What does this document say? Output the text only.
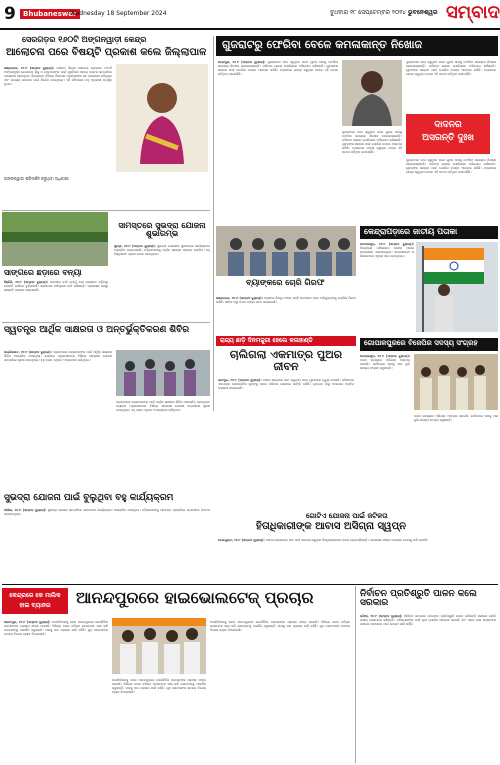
9	Bhubaneswar
Wednesday 18 September 2024	ବୁଧବାର ୧୮ ସେପ୍ଟେମ୍ବର ୨୦୨୪ ଭୁବନେଶ୍ୱର ସମ୍ବାଦ
ସେରଗଡ଼ର ୧୬୦ଟି ଅଙ୍ଗନୱାଡ଼ୀ କେନ୍ଦ୍ର
ଆଲୋଚନା ପରେ ବିଷୟ୍ଟି ପ୍ରକାଶ କଲେ ଜିଲ୍ଲାପାଳ
ଭଞ୍ଜନଗର, ୧୭।୯ (ସମ୍ବାଦ ବ୍ୟୁରୋ): ଗଞ୍ଜାମ ଜିଲ୍ଲା ସେରଗଡ଼ ବ୍ଲକରେ ୧୬୦ଟି ଅଙ୍ଗନୱାଡ଼ୀ କେନ୍ଦ୍ରରେ ଶିଶୁ ଓ ମାତୃମାନଙ୍କ ପାଇଁ ପୁଷ୍ଟିକର ଖାଦ୍ୟ ବଣ୍ଟନ ସମ୍ପର୍କରେ ଆଲୋଚନା ହୋଇଥିଲା। ଜିଲ୍ଲାପାଳ ବିଭିନ୍ନ ବିଭାଗର ଅଧିକାରୀଙ୍କ ସହ ଆଲୋଚନା କରିଥିଲେ ଏବଂ ସମସ୍ୟା ସମାଧାନ ପାଇଁ ନିର୍ଦ୍ଦେଶ ଦେଇଥିଲେ। ଏହି ବୈଠକରେ ବହୁ ଅଧିକାରୀ ଉପସ୍ଥିତ ଥିଲେ।
ଅଙ୍ଗନୱାଡ଼ୀ ପରିଦର୍ଶନ କରୁଥିବା ଅଧିକାରୀ
ଗୁଜରାଟରୁ ଫେରିବା ବେଳେ କମଳାକାନ୍ତ ନିଖୋଜ
ଛତ୍ରପୁର, ୧୭।୯ (ସମ୍ବାଦ ବ୍ୟୁରୋ): ଗୁଜରାଟରେ କାମ କରୁଥିବା ଜଣେ ଯୁବକ ଘରକୁ ଫେରିବା ସମୟରେ ନିଖୋଜ ହୋଇଯାଇଛନ୍ତି। ପରିବାର ଲୋକେ ପୋଲିସରେ ଅଭିଯୋଗ କରିଛନ୍ତି। ଯୁବକଙ୍କ ସନ୍ଧାନ ପାଇଁ ପୋଲିସ ତଦନ୍ତ ଆରମ୍ଭ କରିଛି। ଟ୍ରେନରେ ଯାତ୍ରା କରୁଥିବା ବେଳେ ଏହି ଘଟଣା ଘଟିଥିବା ଜଣାପଡ଼ିଛି।
ଦାଦନର
ଅସରନ୍ତି ଦୁଃଖ
ଗୁଜରାଟରେ କାମ କରୁଥିବା ଜଣେ ଯୁବକ ଘରକୁ ଫେରିବା ସମୟରେ ନିଖୋଜ ହୋଇଯାଇଛନ୍ତି। ପରିବାର ଲୋକେ ପୋଲିସରେ ଅଭିଯୋଗ କରିଛନ୍ତି। ଯୁବକଙ୍କ ସନ୍ଧାନ ପାଇଁ ପୋଲିସ ତଦନ୍ତ ଆରମ୍ଭ କରିଛି। ଟ୍ରେନରେ ଯାତ୍ରା କରୁଥିବା ବେଳେ ଏହି ଘଟଣା ଘଟିଥିବା ଜଣାପଡ଼ିଛି।
ଗୁଜରାଟରେ କାମ କରୁଥିବା ଜଣେ ଯୁବକ ଘରକୁ ଫେରିବା ସମୟରେ ନିଖୋଜ ହୋଇଯାଇଛନ୍ତି। ପରିବାର ଲୋକେ ପୋଲିସରେ ଅଭିଯୋଗ କରିଛନ୍ତି। ଯୁବକଙ୍କ ସନ୍ଧାନ ପାଇଁ ପୋଲିସ ତଦନ୍ତ ଆରମ୍ଭ କରିଛି। ଟ୍ରେନରେ ଯାତ୍ରା କରୁଥିବା ବେଳେ ଏହି ଘଟଣା ଘଟିଥିବା ଜଣାପଡ଼ିଛି।
ଗୁଜରାଟରେ କାମ କରୁଥିବା ଜଣେ ଯୁବକ ଘରକୁ ଫେରିବା ସମୟରେ ନିଖୋଜ ହୋଇଯାଇଛନ୍ତି। ପରିବାର ଲୋକେ ପୋଲିସରେ ଅଭିଯୋଗ କରିଛନ୍ତି। ଯୁବକଙ୍କ ସନ୍ଧାନ ପାଇଁ ପୋଲିସ ତଦନ୍ତ ଆରମ୍ଭ କରିଛି। ଟ୍ରେନରେ ଯାତ୍ରା କରୁଥିବା ବେଳେ ଏହି ଘଟଣା ଘଟିଥିବା ଜଣାପଡ଼ିଛି।
ସାଙ୍ଗରେ ଛଡ଼ାରେ ବନ୍ୟା
ହିଞ୍ଜିଳି, ୧୭।୯ (ସମ୍ବାଦ ବ୍ୟୁରୋ): ଲଗାତାର ବର୍ଷା ଯୋଗୁଁ ନଦୀ ଜଳସ୍ତର ବଢ଼ିବାରୁ ଚାଷଜମି ପାଣିରେ ବୁଡ଼ିଯାଇଛି। ଚାଷୀମାନେ କ୍ଷତିପୂରଣ ଦାବି କରିଛନ୍ତି। ପ୍ରଶାସନ ପକ୍ଷରୁ କ୍ଷୟକ୍ଷତି ଆକଳନ କରାଯାଉଛି।
ସାମସ୍ତରେ ସୁଭଦ୍ରା ଯୋଜନା ଶୁଭାରମ୍ଭ
ସୁରଡ଼ା, ୧୭।୯ (ସମ୍ବାଦ ବ୍ୟୁରୋ): ସୁଭଦ୍ରା ଯୋଜନାର ଶୁଭାରମ୍ଭ କାର୍ଯ୍ୟକ୍ରମ ଅନୁଷ୍ଠିତ ହୋଇଯାଇଛି। ମହିଳାମାନଙ୍କୁ ଆର୍ଥିକ ସହାୟତା ପ୍ରଦାନ କରାଯିବ। ବହୁ ହିତାଧିକାରୀ ଏଥିରେ ଯୋଗ ଦେଇଥିଲେ।
ବ୍ୟାଙ୍କରେ ଚୋରି ଗିରଫ
ଭଞ୍ଜନଗର, ୧୭।୯ (ସମ୍ବାଦ ବ୍ୟୁରୋ): ବ୍ୟାଙ୍କ ଭିତରୁ ଟଙ୍କା ଚୋରି ଘଟଣାରେ ଜଣେ ଅଭିଯୁକ୍ତଙ୍କୁ ପୋଲିସ ଗିରଫ କରିଛି। ତାଙ୍କ ଠାରୁ ନଗଦ ଟଙ୍କା ଜବତ କରାଯାଇଛି।
କେନ୍ଦ୍ରାପଡ଼ାରେ ଜାତୀୟ ପତାକା
ଗୋପାଳପୁର, ୧୭।୯ (ସମ୍ବାଦ ବ୍ୟୁରୋ): ବିଦ୍ୟାଳୟ ପରିସରରେ ଜାତୀୟ ପତାକା ଉତ୍ତୋଳନ କରାଯାଇଥିଲା। ଛାତ୍ରଛାତ୍ରୀ ଓ ଶିକ୍ଷକମାନେ ଏଥିରେ ଭାଗ ନେଇଥିଲେ।
ସ୍ୱତନ୍ତ୍ର ଆର୍ଥିକ ସାକ୍ଷରତା ଓ ଅନ୍ତର୍ଭୁକ୍ତିକରଣ ଶିବିର
ଖଲ୍ଲିକୋଟ, ୧୭।୯ (ସମ୍ବାଦ ବ୍ୟୁରୋ): ଗ୍ରାମାଞ୍ଚଳର ଲୋକମାନଙ୍କ ପାଇଁ ଆର୍ଥିକ ସାକ୍ଷରତା ଶିବିର ଆୟୋଜିତ ହୋଇଥିଲା। ବ୍ୟାଙ୍କ ଅଧିକାରୀମାନେ ବିଭିନ୍ନ ସରକାରୀ ଯୋଜନା ସମ୍ପର୍କରେ ସୂଚନା ଦେଇଥିଲେ। ବହୁ ଲୋକ ଏଥିରେ ଅଂଶଗ୍ରହଣ କରିଥିଲେ।
ଗ୍ରାମାଞ୍ଚଳର ଲୋକମାନଙ୍କ ପାଇଁ ଆର୍ଥିକ ସାକ୍ଷରତା ଶିବିର ଆୟୋଜିତ ହୋଇଥିଲା। ବ୍ୟାଙ୍କ ଅଧିକାରୀମାନେ ବିଭିନ୍ନ ସରକାରୀ ଯୋଜନା ସମ୍ପର୍କରେ ସୂଚନା ଦେଇଥିଲେ। ବହୁ ଲୋକ ଏଥିରେ ଅଂଶଗ୍ରହଣ କରିଥିଲେ।
ରାଜ୍ୟ ଛାଡ଼ି ଦିନମଜୁରୀ ହେଲେ କଳାହାଣ୍ଡି
ଚାଲିଗଲା ଏକମାତ୍ର ପୁଅର ଜୀବନ
ପାଟପୁର, ୧୭।୯ (ସମ୍ବାଦ ବ୍ୟୁରୋ): ବାହାର ରାଜ୍ୟରେ କାମ କରୁଥିବା ଜଣେ ଯୁବକଙ୍କ ମୃତ୍ୟୁ ହୋଇଛି। ପରିବାରର ଏକମାତ୍ର ରୋଜଗାରିଆ ପୁଅଙ୍କୁ ହରାଇ ପରିବାର ଶୋକରେ ଭାଙ୍ଗି ପଡ଼ିଛି। ମୃତଦେହ ଗାଁକୁ ଅଣାଯାଇ ଅନ୍ତିମ ସଂସ୍କାର କରାଯାଇଛି।
ଗୋପାଳପୁରରେ ବିଜେପିର ସଦସ୍ୟ ସଂଗ୍ରହ
ଗୋପାଳପୁର, ୧୭।୯ (ସମ୍ବାଦ ବ୍ୟୁରୋ): ଦଳର ସଦସ୍ୟତା ଅଭିଯାନ ଆରମ୍ଭ ହୋଇଛି। କର୍ମୀମାନେ ଘରକୁ ଘର ବୁଲି ସଦସ୍ୟ ସଂଗ୍ରହ କରୁଛନ୍ତି।
ଦଳର ସଦସ୍ୟତା ଅଭିଯାନ ଆରମ୍ଭ ହୋଇଛି। କର୍ମୀମାନେ ଘରକୁ ଘର ବୁଲି ସଦସ୍ୟ ସଂଗ୍ରହ କରୁଛନ୍ତି।
ଗୋଟିଏ ଯୋଜନା ପାଇଁ ଜଟିଳତା
ହିତାଧିକାରୀଙ୍କ ଆବାସ ଅସିଗ୍ନା ସ୍ୱପ୍ନ
ବେଲଗୁଣ୍ଠା, ୧୭।୯ (ସମ୍ବାଦ ବ୍ୟୁରୋ): ଆବାସ ଯୋଜନାରେ ଘର ପାଇଁ ଅପେକ୍ଷା କରୁଥିବା ହିତାଧିକାରୀମାନେ ହତାଶ ହୋଇପଡ଼ିଛନ୍ତି। ପ୍ରଶାସନ ଶୀଘ୍ର ପଦକ୍ଷେପ ନେବାକୁ ଦାବି ହେଉଛି।
ସୁଭଦ୍ରା ଯୋଜନା ପାଇଁ ବୁଲୁଥିବା ବହୁ କାର୍ଯ୍ୟକ୍ରମ
ଆସିକା, ୧୭।୯ (ସମ୍ବାଦ ବ୍ୟୁରୋ): ସୁଭଦ୍ରା ଯୋଜନା ସମ୍ପର୍କରେ ସଚେତନତା କାର୍ଯ୍ୟକ୍ରମ ଆୟୋଜିତ ହୋଇଥିଲା। ମହିଳାମାନଙ୍କୁ ଆବେଦନ ପ୍ରକ୍ରିୟା ସମ୍ପର୍କରେ ଅବଗତ କରାଯାଇଥିଲା।
କେନ୍ଦ୍ରରେ କେ ମାଲିକ
ହାଇ ବ୍ୟାନର	ଆନନ୍ଦପୁରରେ ହାଇଭୋଲଟେଜ୍ ପ୍ରଚାର
ଆନନ୍ଦପୁର, ୧୭।୯ (ସମ୍ବାଦ ବ୍ୟୁରୋ): ଉପନିର୍ବାଚନକୁ ନେଇ ଆନନ୍ଦପୁରରେ ରାଜନୈତିକ ଦଳମାନଙ୍କ ପ୍ରଚାର ତୀବ୍ର ହୋଇଛି। ବିଭିନ୍ନ ଦଳର ବରିଷ୍ଠ ନେତାମାନେ ସଭା କରି ଭୋଟରଙ୍କୁ ଆକର୍ଷିତ କରୁଛନ୍ତି। ଘରକୁ ଘର ପ୍ରଚାର ଜାରି ରହିଛି। ଯୁବ ଭୋଟରଙ୍କ ଉପରେ ବିଶେଷ ଧ୍ୟାନ ଦିଆଯାଉଛି।
ଉପନିର୍ବାଚନକୁ ନେଇ ଆନନ୍ଦପୁରରେ ରାଜନୈତିକ ଦଳମାନଙ୍କ ପ୍ରଚାର ତୀବ୍ର ହୋଇଛି। ବିଭିନ୍ନ ଦଳର ବରିଷ୍ଠ ନେତାମାନେ ସଭା କରି ଭୋଟରଙ୍କୁ ଆକର୍ଷିତ କରୁଛନ୍ତି। ଘରକୁ ଘର ପ୍ରଚାର ଜାରି ରହିଛି। ଯୁବ ଭୋଟରଙ୍କ ଉପରେ ବିଶେଷ ଧ୍ୟାନ ଦିଆଯାଉଛି।
ଉପନିର୍ବାଚନକୁ ନେଇ ଆନନ୍ଦପୁରରେ ରାଜନୈତିକ ଦଳମାନଙ୍କ ପ୍ରଚାର ତୀବ୍ର ହୋଇଛି। ବିଭିନ୍ନ ଦଳର ବରିଷ୍ଠ ନେତାମାନେ ସଭା କରି ଭୋଟରଙ୍କୁ ଆକର୍ଷିତ କରୁଛନ୍ତି। ଘରକୁ ଘର ପ୍ରଚାର ଜାରି ରହିଛି। ଯୁବ ଭୋଟରଙ୍କ ଉପରେ ବିଶେଷ ଧ୍ୟାନ ଦିଆଯାଉଛି।
ନିର୍ବାଚନ ପ୍ରତିଶ୍ରୁତି ପାଳନ କଲେ ସରକାର
ଜଗିଆ, ୧୭।୯ (ସମ୍ବାଦ ବ୍ୟୁରୋ): ନିର୍ବାଚନ ସମୟରେ ଦେଇଥିବା ପ୍ରତିଶ୍ରୁତି ପାଳନ କରିଛନ୍ତି ସରକାର ବୋଲି ଦଳୀୟ ନେତାମାନେ କହିଛନ୍ତି। ମହିଳାମାନଙ୍କ ପାଇଁ ନୂଆ ଯୋଜନା ଆରମ୍ଭ ହୋଇଛି ଏବଂ ଏହାର ଲାଭ ସମସ୍ତଙ୍କ ପାଖରେ ପହଞ୍ଚାଇବା ପାଇଁ ଚେଷ୍ଟା ଜାରି ରହିଛି।
